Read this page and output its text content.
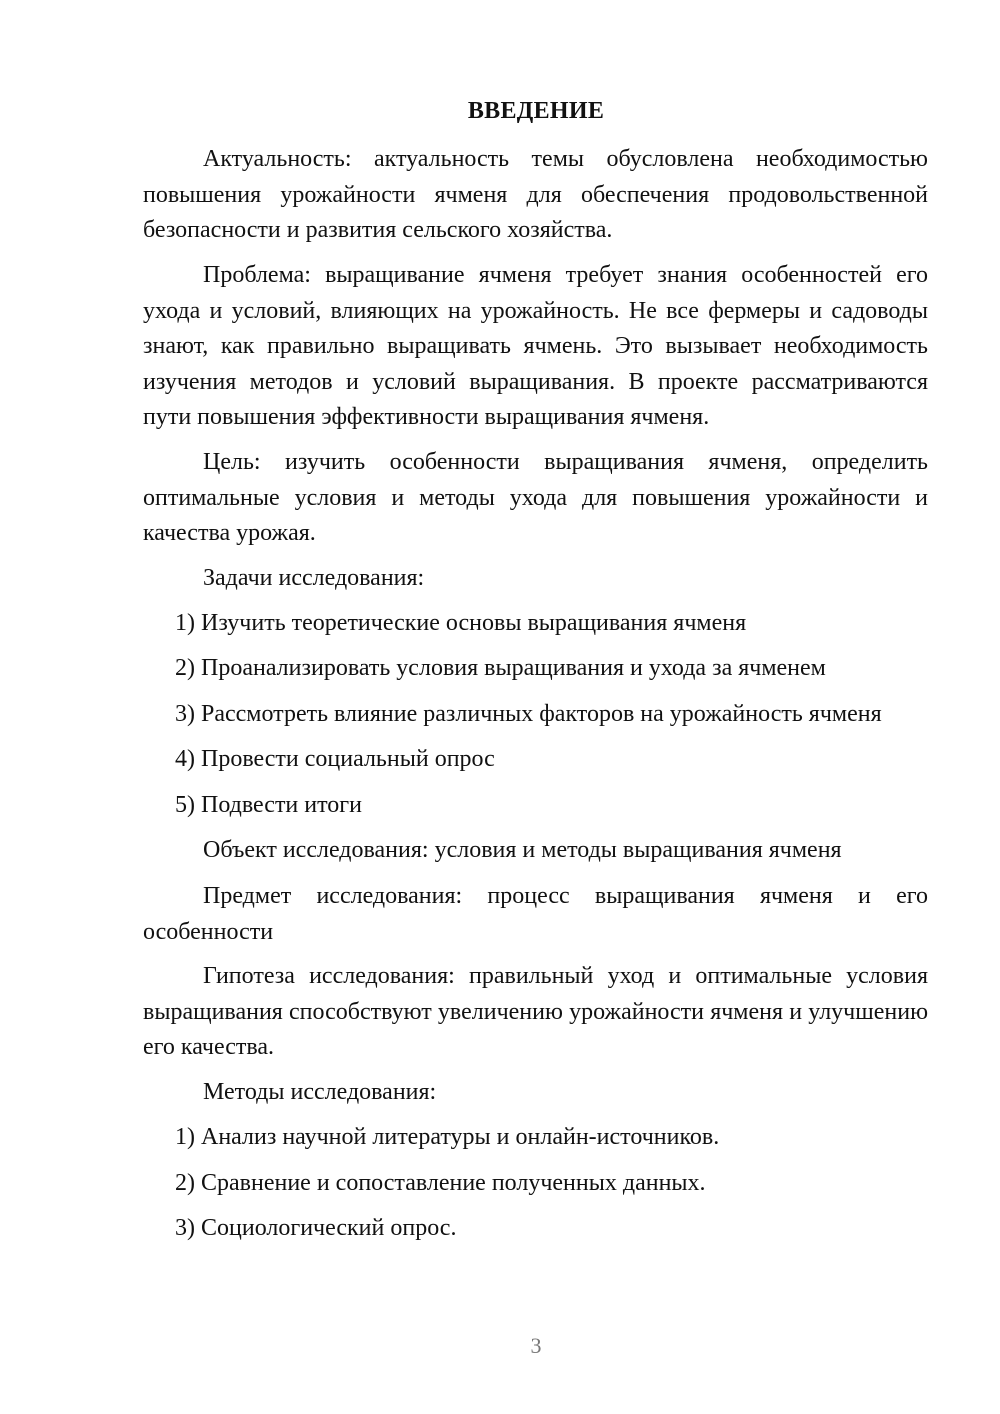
ВВЕДЕНИЕ

Актуальность: актуальность темы обусловлена необходимостью повышения урожайности ячменя для обеспечения продовольственной безопасности и развития сельского хозяйства.

Проблема: выращивание ячменя требует знания особенностей его ухода и условий, влияющих на урожайность. Не все фермеры и садоводы знают, как правильно выращивать ячмень. Это вызывает необходимость изучения методов и условий выращивания. В проекте рассматриваются пути повышения эффективности выращивания ячменя.

Цель: изучить особенности выращивания ячменя, определить оптимальные условия и методы ухода для повышения урожайности и качества урожая.

Задачи исследования:

1) Изучить теоретические основы выращивания ячменя
2) Проанализировать условия выращивания и ухода за ячменем
3) Рассмотреть влияние различных факторов на урожайность ячменя
4) Провести социальный опрос
5) Подвести итоги

Объект исследования: условия и методы выращивания ячменя

Предмет исследования: процесс выращивания ячменя и его особенности

Гипотеза исследования: правильный уход и оптимальные условия выращивания способствуют увеличению урожайности ячменя и улучшению его качества.

Методы исследования:

1) Анализ научной литературы и онлайн-источников.
2) Сравнение и сопоставление полученных данных.
3) Социологический опрос.
3
